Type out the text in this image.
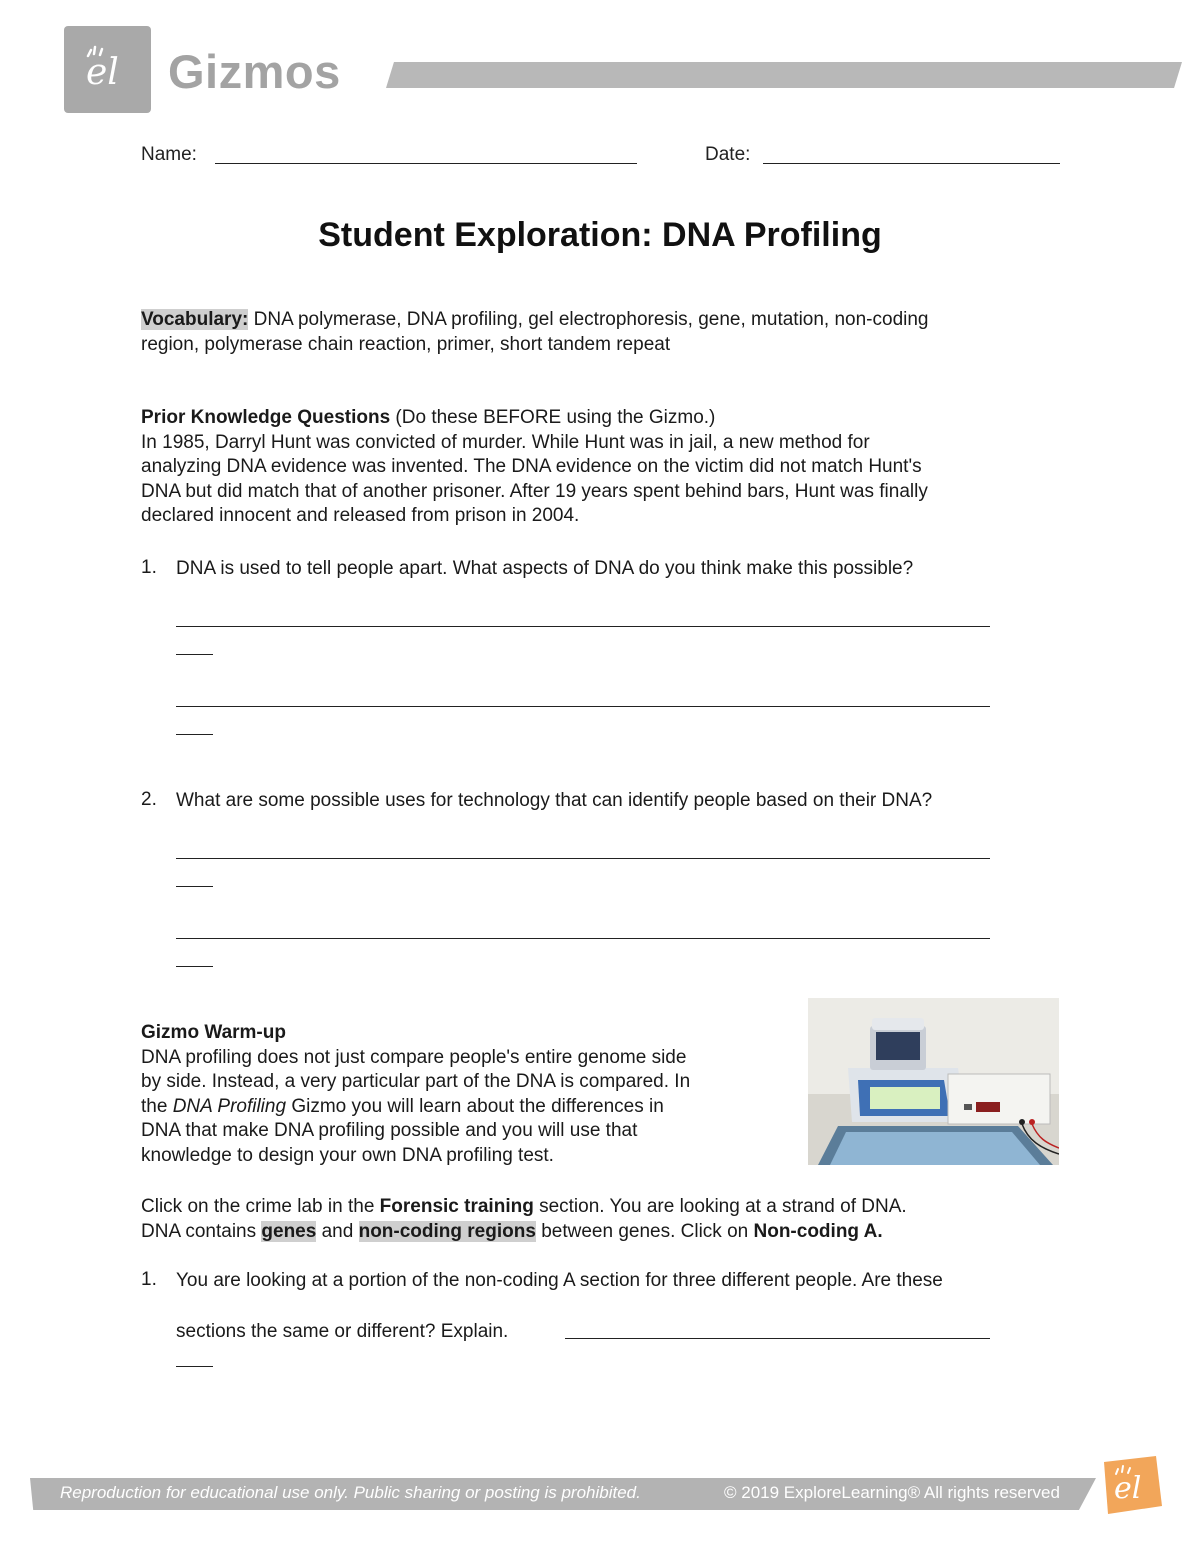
el Gizmos
Name:	Date:
Student Exploration: DNA Profiling
Vocabulary: DNA polymerase, DNA profiling, gel electrophoresis, gene, mutation, non-coding
region, polymerase chain reaction, primer, short tandem repeat
Prior Knowledge Questions (Do these BEFORE using the Gizmo.)
In 1985, Darryl Hunt was convicted of murder. While Hunt was in jail, a new method for
analyzing DNA evidence was invented. The DNA evidence on the victim did not match Hunt's
DNA but did match that of another prisoner. After 19 years spent behind bars, Hunt was finally
declared innocent and released from prison in 2004.
1. DNA is used to tell people apart. What aspects of DNA do you think make this possible?
2. What are some possible uses for technology that can identify people based on their DNA?
Gizmo Warm-up
DNA profiling does not just compare people's entire genome side
by side. Instead, a very particular part of the DNA is compared. In
the DNA Profiling Gizmo you will learn about the differences in
DNA that make DNA profiling possible and you will use that
knowledge to design your own DNA profiling test.
Click on the crime lab in the Forensic training section. You are looking at a strand of DNA.
DNA contains genes and non-coding regions between genes. Click on Non-coding A.
1. You are looking at a portion of the non-coding A section for three different people. Are these
sections the same or different? Explain.
Reproduction for educational use only. Public sharing or posting is prohibited.	© 2019 ExploreLearning® All rights reserved el
